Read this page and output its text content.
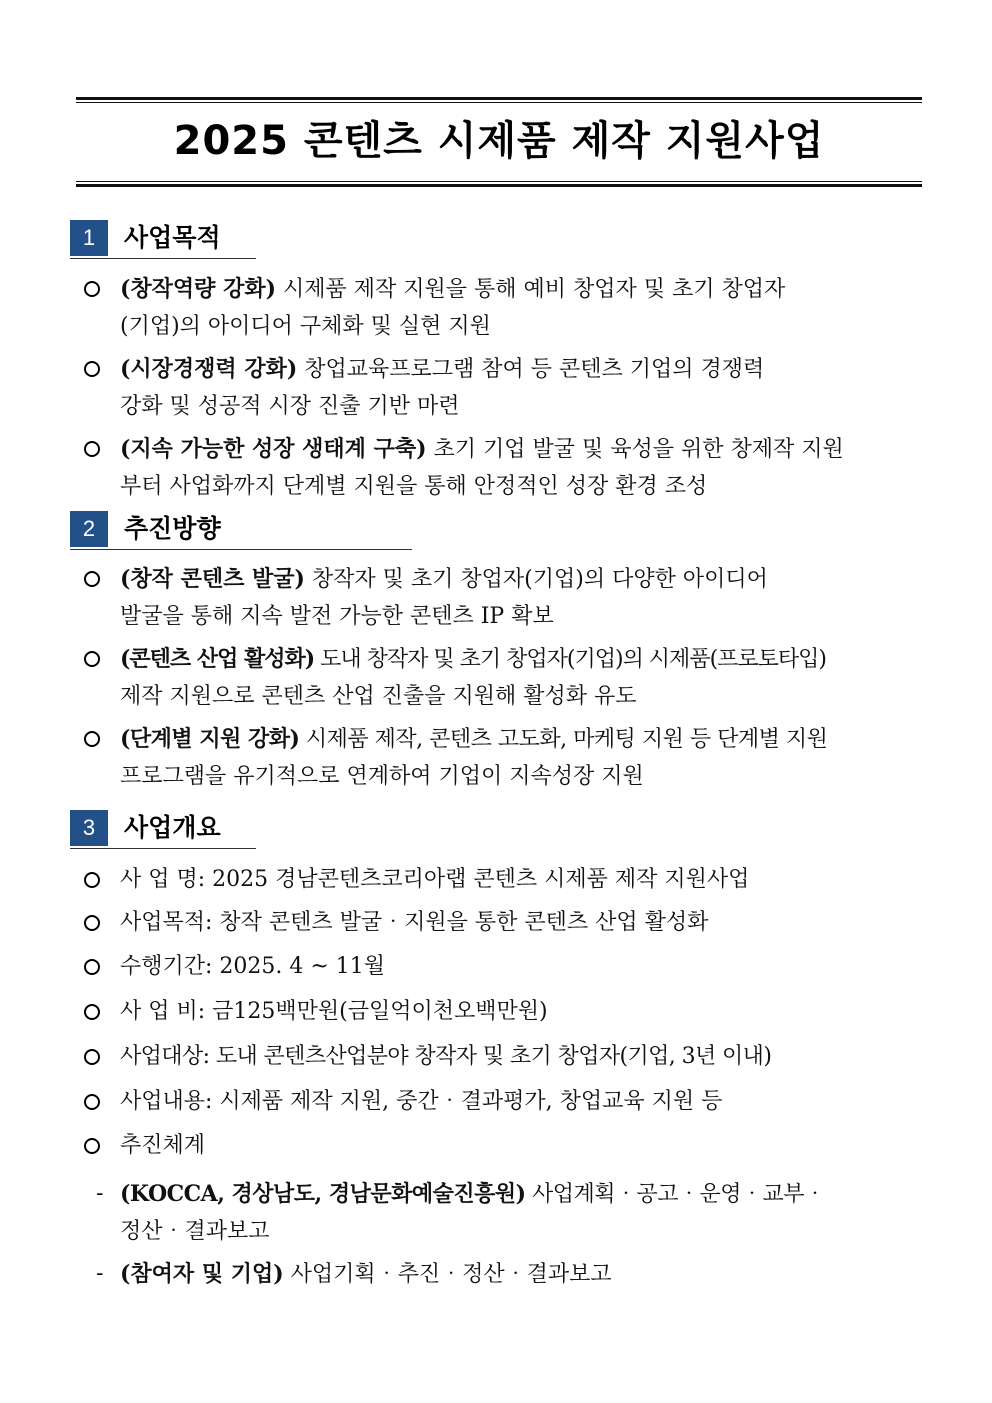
2025 콘텐츠 시제품 제작 지원사업
1	사업목적
(창작역량 강화) 시제품 제작 지원을 통해 예비 창업자 및 초기 창업자
(기업)의 아이디어 구체화 및 실현 지원
(시장경쟁력 강화) 창업교육프로그램 참여 등 콘텐츠 기업의 경쟁력
강화 및 성공적 시장 진출 기반 마련
(지속 가능한 성장 생태계 구축) 초기 기업 발굴 및 육성을 위한 창제작 지원
부터 사업화까지 단계별 지원을 통해 안정적인 성장 환경 조성
2	추진방향
(창작 콘텐츠 발굴) 창작자 및 초기 창업자(기업)의 다양한 아이디어
발굴을 통해 지속 발전 가능한 콘텐츠 IP 확보
(콘텐츠 산업 활성화) 도내 창작자 및 초기 창업자(기업)의 시제품(프로토타입)
제작 지원으로 콘텐츠 산업 진출을 지원해 활성화 유도
(단계별 지원 강화) 시제품 제작, 콘텐츠 고도화, 마케팅 지원 등 단계별 지원
프로그램을 유기적으로 연계하여 기업이 지속성장 지원
3	사업개요
사 업 명: 2025 경남콘텐츠코리아랩 콘텐츠 시제품 제작 지원사업
사업목적: 창작 콘텐츠 발굴‧지원을 통한 콘텐츠 산업 활성화
수행기간: 2025. 4 ~ 11월
사 업 비: 금125백만원(금일억이천오백만원)
사업대상: 도내 콘텐츠산업분야 창작자 및 초기 창업자(기업, 3년 이내)
사업내용: 시제품 제작 지원, 중간‧결과평가, 창업교육 지원 등
추진체계
- (KOCCA, 경상남도, 경남문화예술진흥원) 사업계획‧공고‧운영‧교부‧
정산‧결과보고
- (참여자 및 기업) 사업기획‧추진‧정산‧결과보고
